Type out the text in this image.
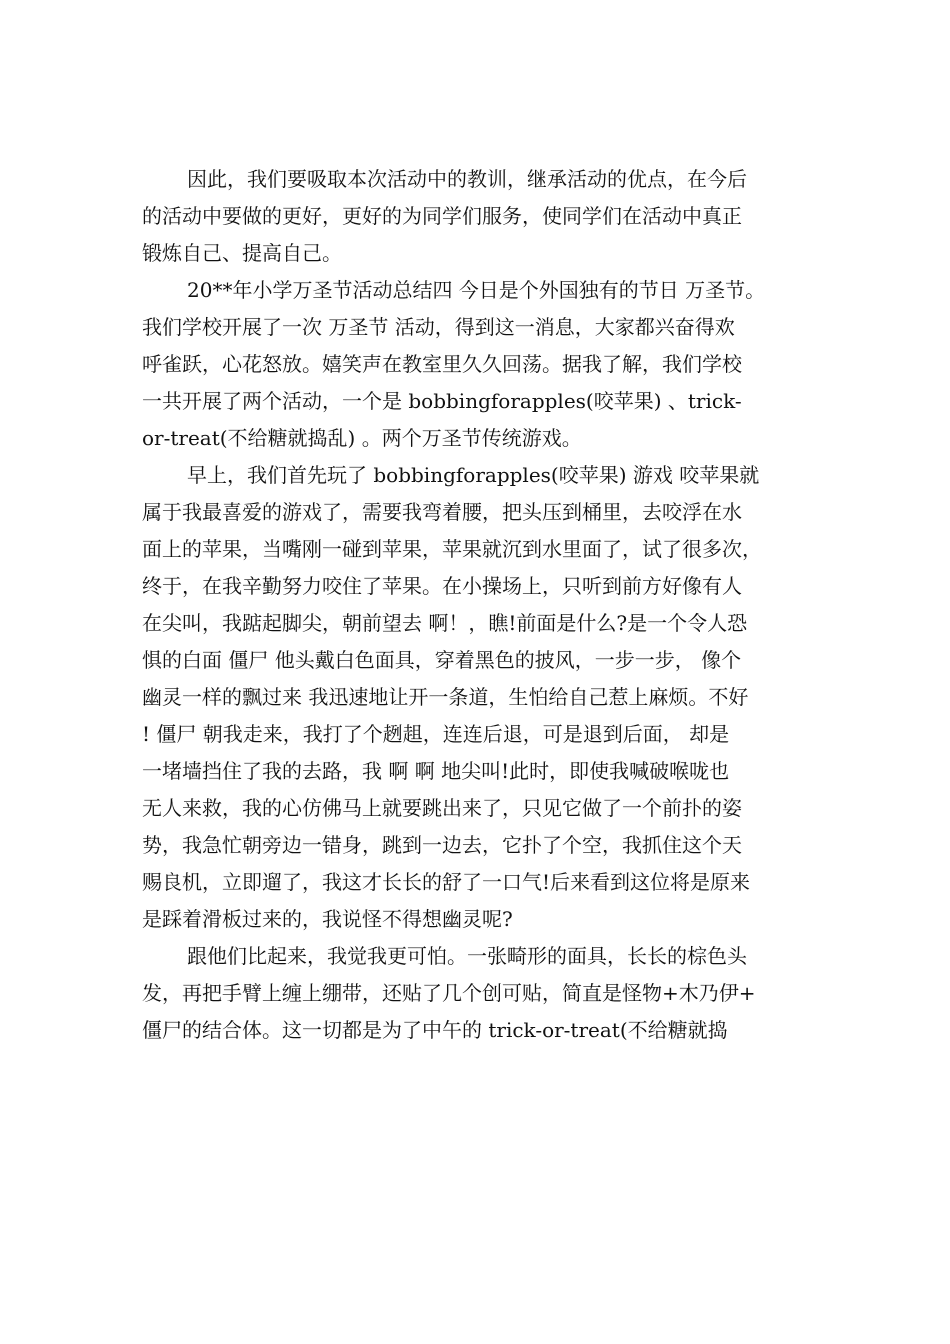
因此，我们要吸取本次活动中的教训，继承活动的优点，在今后

的活动中要做的更好，更好的为同学们服务，使同学们在活动中真正

锻炼自己、提高自己。

20**年小学万圣节活动总结四 今日是个外国独有的节日 万圣节。

我们学校开展了一次 万圣节 活动，得到这一消息，大家都兴奋得欢

呼雀跃，心花怒放。嬉笑声在教室里久久回荡。据我了解，我们学校

一共开展了两个活动，一个是 bobbingforapples(咬苹果) 、trick-

or-treat(不给糖就捣乱) 。两个万圣节传统游戏。

早上，我们首先玩了 bobbingforapples(咬苹果) 游戏 咬苹果就

属于我最喜爱的游戏了，需要我弯着腰，把头压到桶里，去咬浮在水

面上的苹果，当嘴刚一碰到苹果，苹果就沉到水里面了，试了很多次，

终于，在我辛勤努力咬住了苹果。在小操场上，只听到前方好像有人

在尖叫，我踮起脚尖，朝前望去 啊！，瞧!前面是什么?是一个令人恐

惧的白面 僵尸 他头戴白色面具，穿着黑色的披风，一步一步， 像个

幽灵一样的飘过来 我迅速地让开一条道，生怕给自己惹上麻烦。不好

! 僵尸 朝我走来，我打了个趔趄，连连后退，可是退到后面， 却是

一堵墙挡住了我的去路，我 啊 啊 地尖叫!此时，即使我喊破喉咙也

无人来救，我的心仿佛马上就要跳出来了，只见它做了一个前扑的姿

势，我急忙朝旁边一错身，跳到一边去，它扑了个空，我抓住这个天

赐良机，立即遛了，我这才长长的舒了一口气!后来看到这位将是原来

是踩着滑板过来的，我说怪不得想幽灵呢?

跟他们比起来，我觉我更可怕。一张畸形的面具，长长的棕色头

发，再把手臂上缠上绷带，还贴了几个创可贴，简直是怪物+木乃伊+

僵尸的结合体。这一切都是为了中午的 trick-or-treat(不给糖就捣
